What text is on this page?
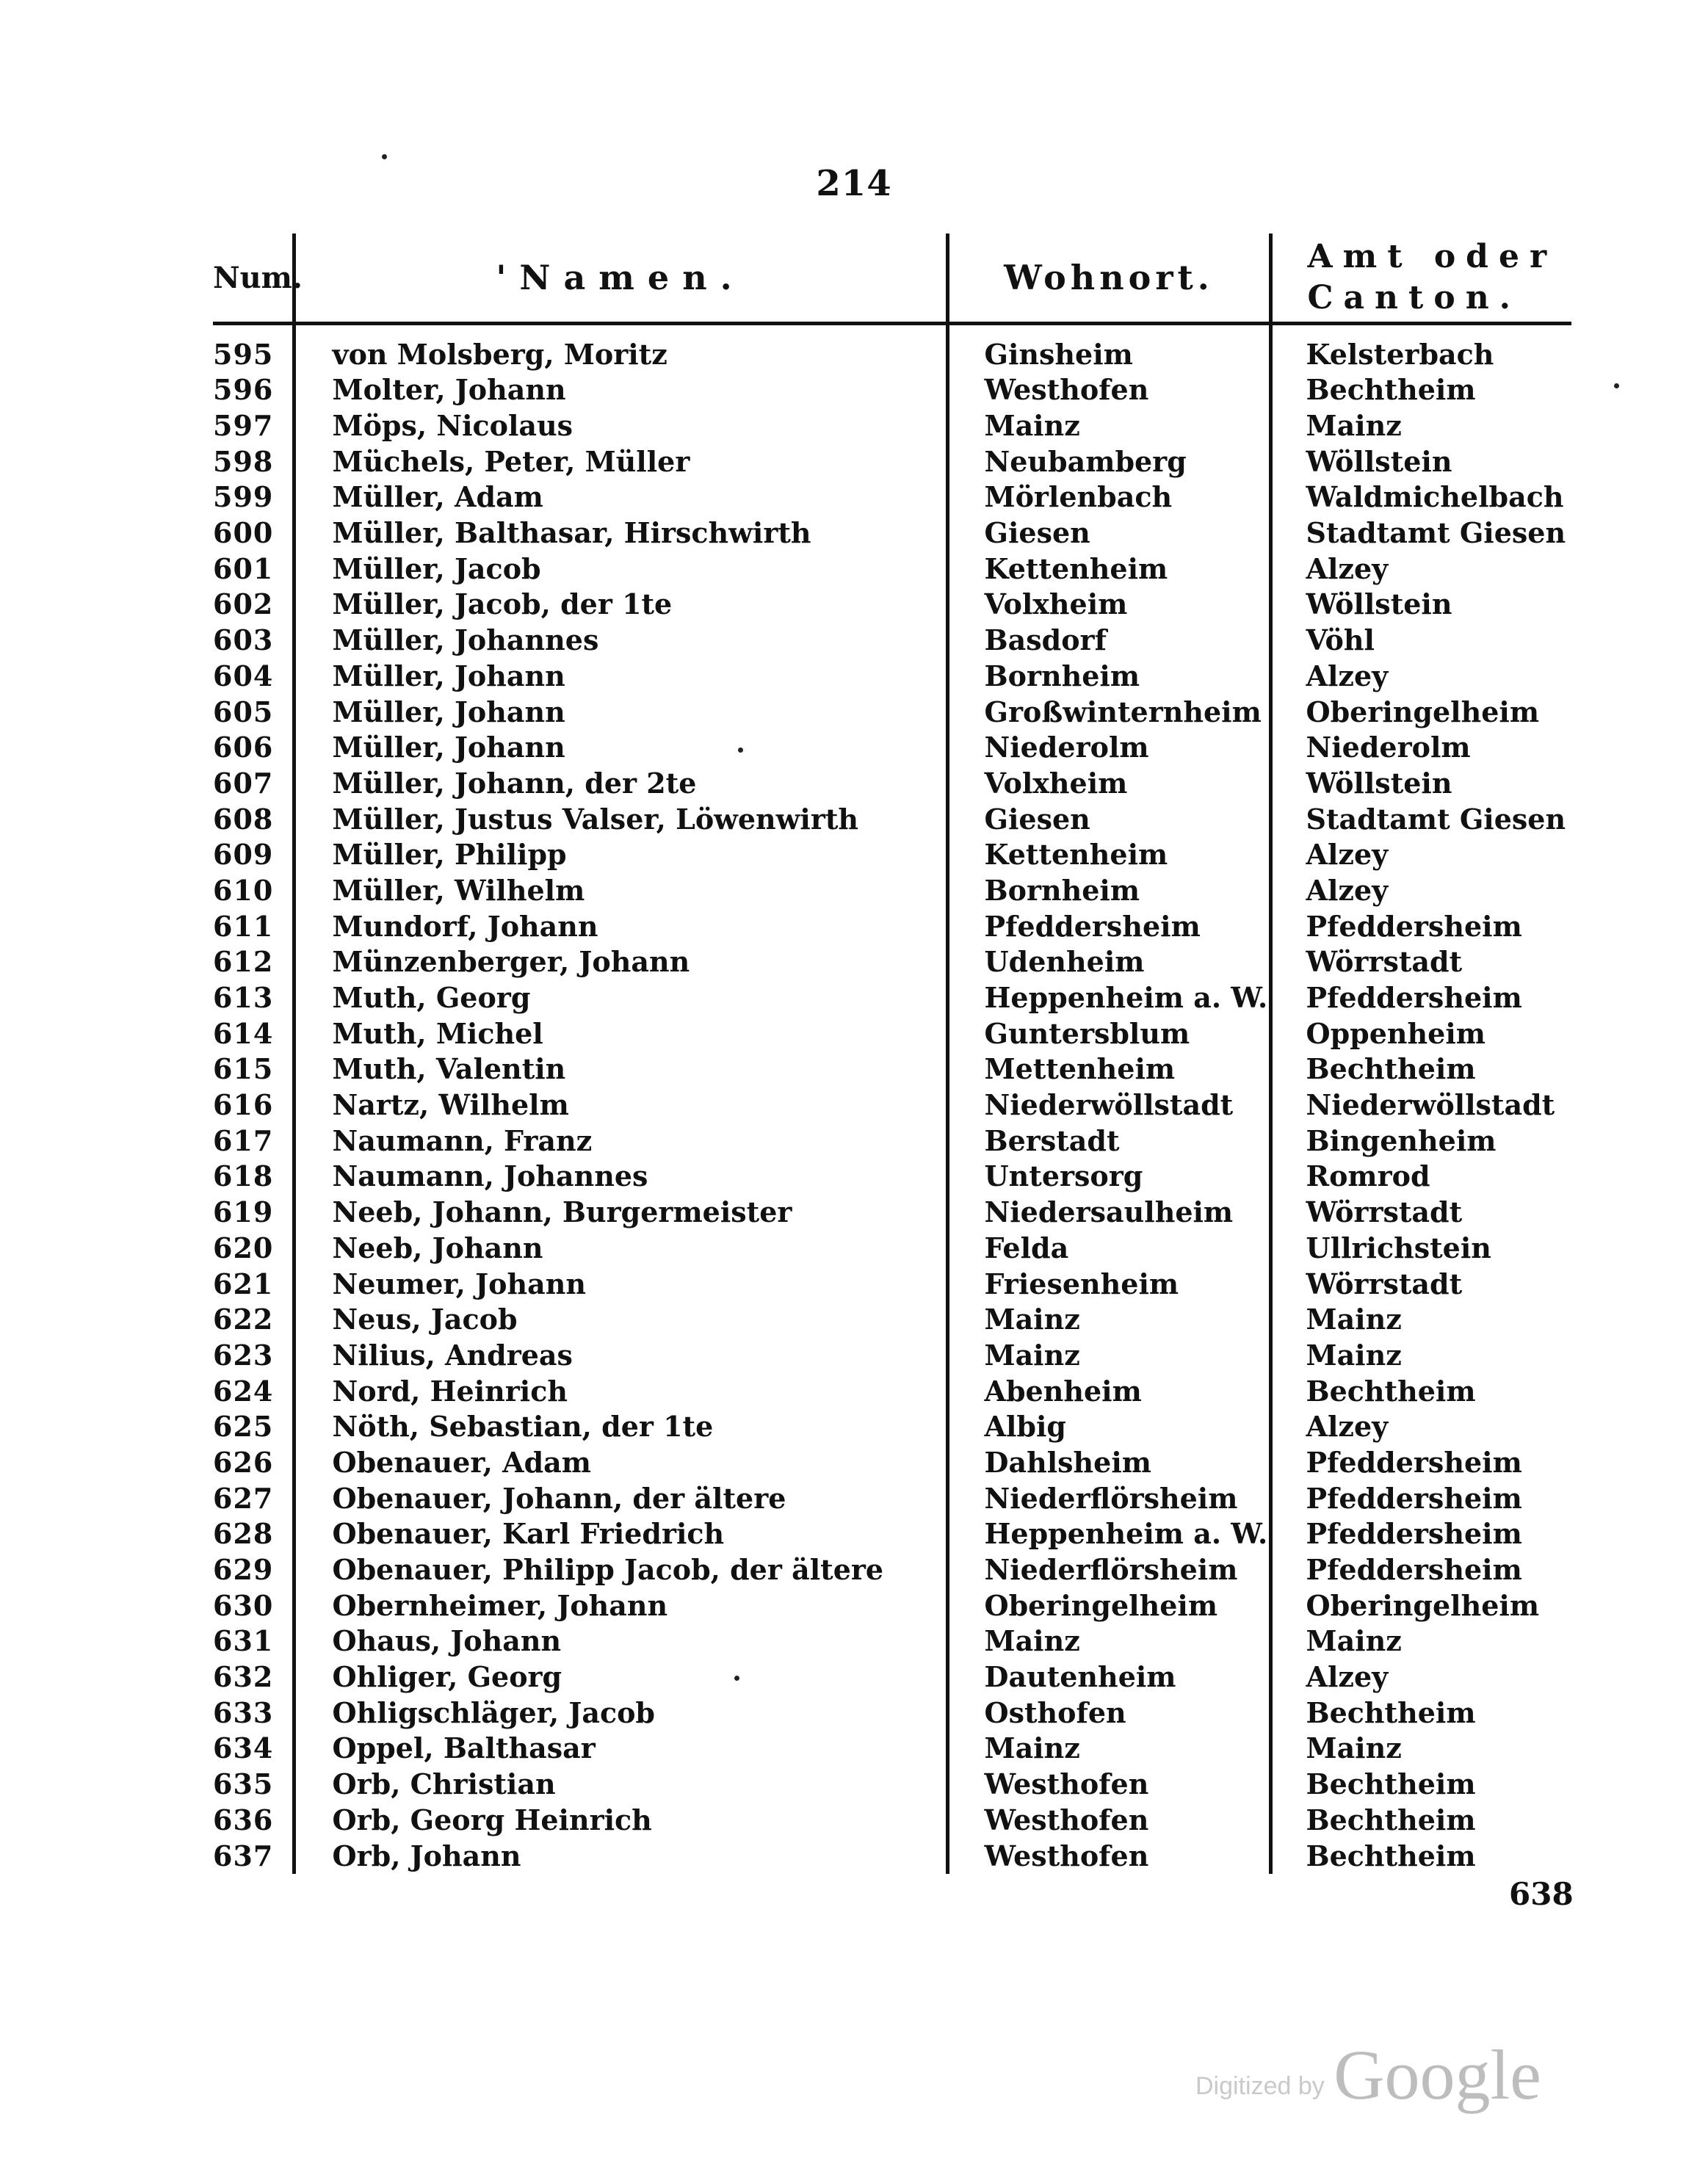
214
Num.	'Namen.	Wohnort.	Amt oder
Canton.
595	von Molsberg, Moritz	Ginsheim	Kelsterbach
596	Molter, Johann	Westhofen	Bechtheim
597	Möps, Nicolaus	Mainz	Mainz
598	Müchels, Peter, Müller	Neubamberg	Wöllstein
599	Müller, Adam	Mörlenbach	Waldmichelbach
600	Müller, Balthasar, Hirschwirth	Giesen	Stadtamt Giesen
601	Müller, Jacob	Kettenheim	Alzey
602	Müller, Jacob, der 1te	Volxheim	Wöllstein
603	Müller, Johannes	Basdorf	Vöhl
604	Müller, Johann	Bornheim	Alzey
605	Müller, Johann	Großwinternheim	Oberingelheim
606	Müller, Johann	Niederolm	Niederolm
607	Müller, Johann, der 2te	Volxheim	Wöllstein
608	Müller, Justus Valser, Löwenwirth	Giesen	Stadtamt Giesen
609	Müller, Philipp	Kettenheim	Alzey
610	Müller, Wilhelm	Bornheim	Alzey
611	Mundorf, Johann	Pfeddersheim	Pfeddersheim
612	Münzenberger, Johann	Udenheim	Wörrstadt
613	Muth, Georg	Heppenheim a. W.	Pfeddersheim
614	Muth, Michel	Guntersblum	Oppenheim
615	Muth, Valentin	Mettenheim	Bechtheim
616	Nartz, Wilhelm	Niederwöllstadt	Niederwöllstadt
617	Naumann, Franz	Berstadt	Bingenheim
618	Naumann, Johannes	Untersorg	Romrod
619	Neeb, Johann, Burgermeister	Niedersaulheim	Wörrstadt
620	Neeb, Johann	Felda	Ullrichstein
621	Neumer, Johann	Friesenheim	Wörrstadt
622	Neus, Jacob	Mainz	Mainz
623	Nilius, Andreas	Mainz	Mainz
624	Nord, Heinrich	Abenheim	Bechtheim
625	Nöth, Sebastian, der 1te	Albig	Alzey
626	Obenauer, Adam	Dahlsheim	Pfeddersheim
627	Obenauer, Johann, der ältere	Niederflörsheim	Pfeddersheim
628	Obenauer, Karl Friedrich	Heppenheim a. W.	Pfeddersheim
629	Obenauer, Philipp Jacob, der ältere	Niederflörsheim	Pfeddersheim
630	Obernheimer, Johann	Oberingelheim	Oberingelheim
631	Ohaus, Johann	Mainz	Mainz
632	Ohliger, Georg	Dautenheim	Alzey
633	Ohligschläger, Jacob	Osthofen	Bechtheim
634	Oppel, Balthasar	Mainz	Mainz
635	Orb, Christian	Westhofen	Bechtheim
636	Orb, Georg Heinrich	Westhofen	Bechtheim
637	Orb, Johann	Westhofen	Bechtheim
638
Digitized by Google
